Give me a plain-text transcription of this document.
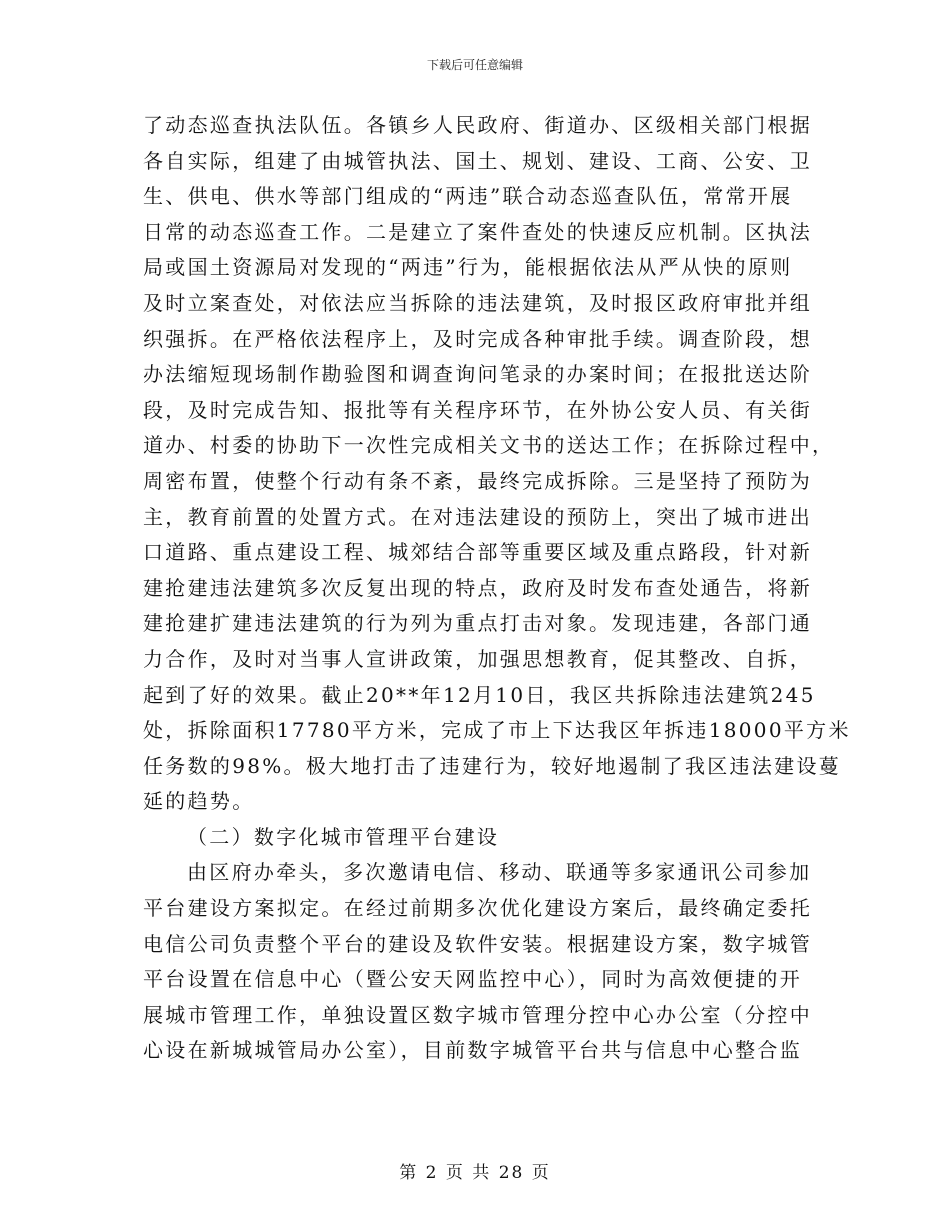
下载后可任意编辑

了动态巡查执法队伍。各镇乡人民政府、街道办、区级相关部门根据

各自实际，组建了由城管执法、国土、规划、建设、工商、公安、卫

生、供电、供水等部门组成的“两违”联合动态巡查队伍，常常开展

日常的动态巡查工作。二是建立了案件查处的快速反应机制。区执法

局或国土资源局对发现的“两违”行为，能根据依法从严从快的原则

及时立案查处，对依法应当拆除的违法建筑，及时报区政府审批并组

织强拆。在严格依法程序上，及时完成各种审批手续。调查阶段，想

办法缩短现场制作勘验图和调查询问笔录的办案时间；在报批送达阶

段，及时完成告知、报批等有关程序环节，在外协公安人员、有关街

道办、村委的协助下一次性完成相关文书的送达工作；在拆除过程中，

周密布置，使整个行动有条不紊，最终完成拆除。三是坚持了预防为

主，教育前置的处置方式。在对违法建设的预防上，突出了城市进出

口道路、重点建设工程、城郊结合部等重要区域及重点路段，针对新

建抢建违法建筑多次反复出现的特点，政府及时发布查处通告，将新

建抢建扩建违法建筑的行为列为重点打击对象。发现违建，各部门通

力合作，及时对当事人宣讲政策，加强思想教育，促其整改、自拆，

起到了好的效果。截止20**年12月10日，我区共拆除违法建筑245

处，拆除面积17780平方米，完成了市上下达我区年拆违18000平方米

任务数的98%。极大地打击了违建行为，较好地遏制了我区违法建设蔓

延的趋势。

（二）数字化城市管理平台建设

由区府办牵头，多次邀请电信、移动、联通等多家通讯公司参加

平台建设方案拟定。在经过前期多次优化建设方案后，最终确定委托

电信公司负责整个平台的建设及软件安装。根据建设方案，数字城管

平台设置在信息中心（暨公安天网监控中心），同时为高效便捷的开

展城市管理工作，单独设置区数字城市管理分控中心办公室（分控中

心设在新城城管局办公室），目前数字城管平台共与信息中心整合监

第 2 页 共 28 页
